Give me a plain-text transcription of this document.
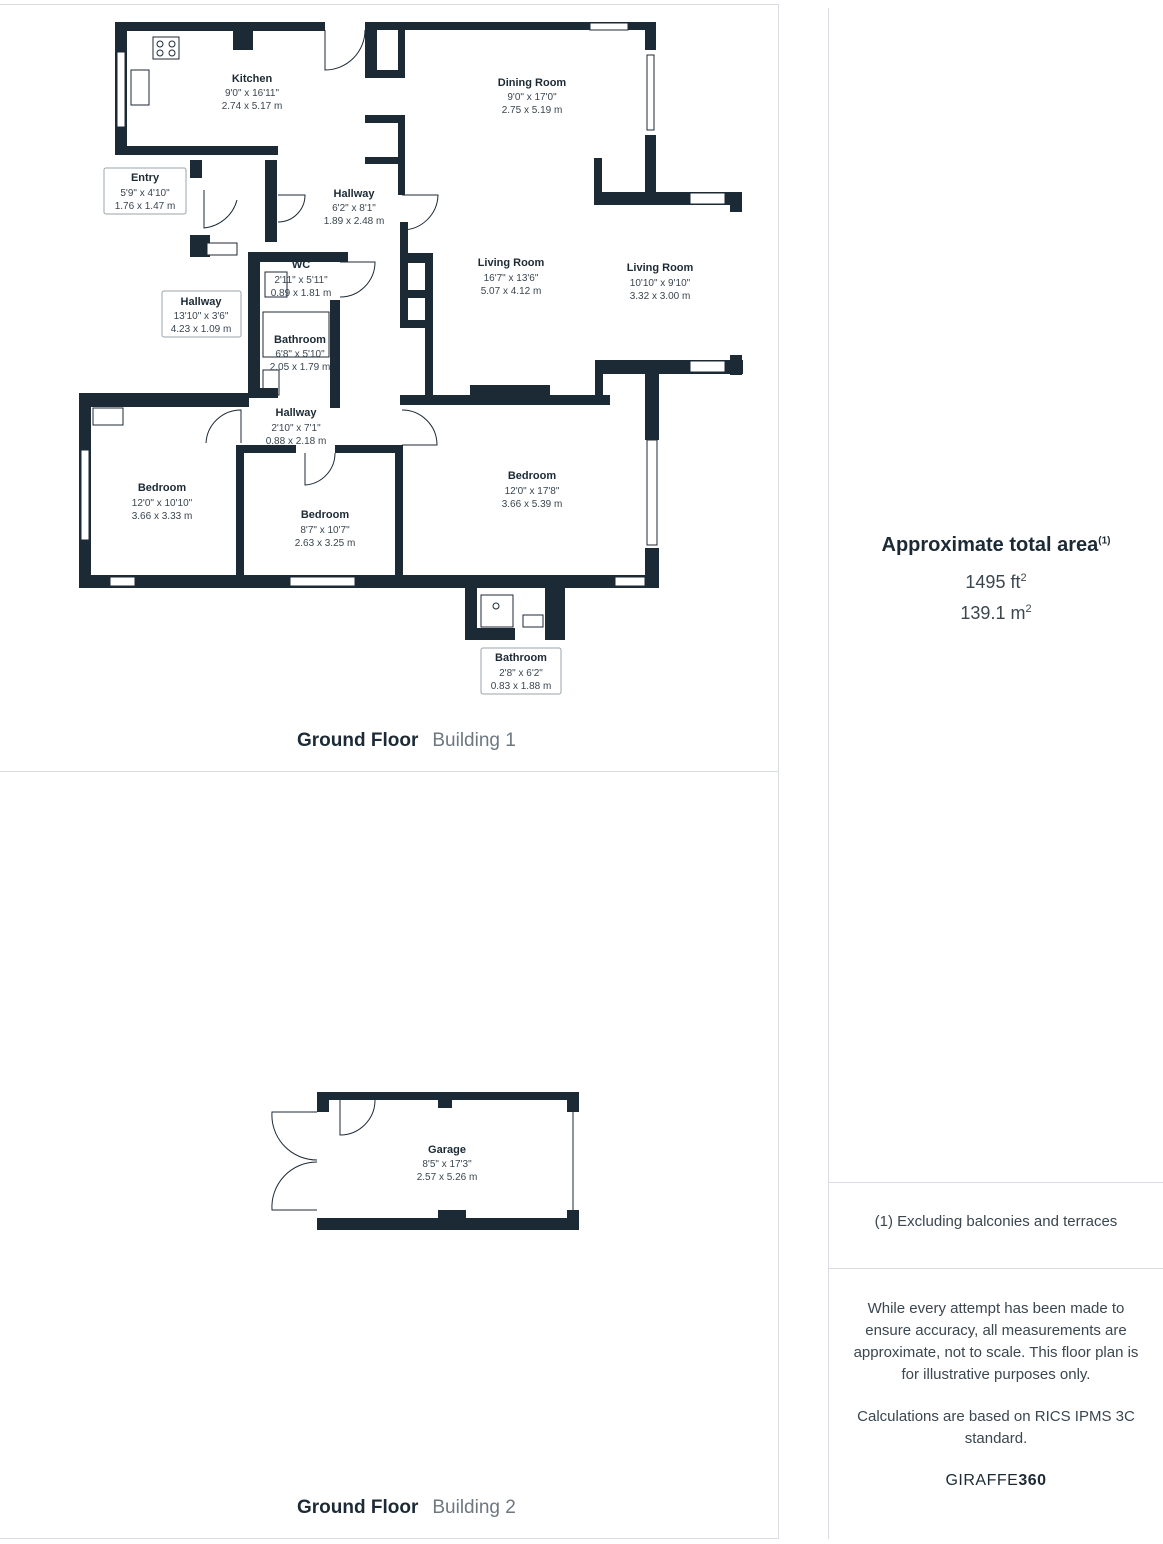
Kitchen
9'0" x 16'11"
2.74 x 5.17 m
Dining Room
9'0" x 17'0"
2.75 x 5.19 m
Entry
5'9" x 4'10"
1.76 x 1.47 m
Hallway
6'2" x 8'1"
1.89 x 2.48 m
WC
2'11" x 5'11"
0.89 x 1.81 m
Hallway
13'10" x 3'6"
4.23 x 1.09 m
Bathroom
6'8" x 5'10"
2.05 x 1.79 m
Living Room
16'7" x 13'6"
5.07 x 4.12 m
Living Room
10'10" x 9'10"
3.32 x 3.00 m
Hallway
2'10" x 7'1"
0.88 x 2.18 m
Bedroom
12'0" x 10'10"
3.66 x 3.33 m	Bedroom
8'7" x 10'7"
2.63 x 3.25 m
Bedroom
12'0" x 17'8"
3.66 x 5.39 m
Bathroom
2'8" x 6'2"
0.83 x 1.88 m
Garage
8'5" x 17'3"
2.57 x 5.26 m
Ground Floor Building 1
Ground Floor Building 2
Approximate total area$^{(1)}$
1495 $ft^2$
139.1 $m^2$
(1) Excluding balconies and terraces

While every attempt has been made to ensure accuracy, all measurements are approximate, not to scale. This floor plan is for illustrative purposes only.

Calculations are based on RICS IPMS 3C standard.

GIRAFFE360
